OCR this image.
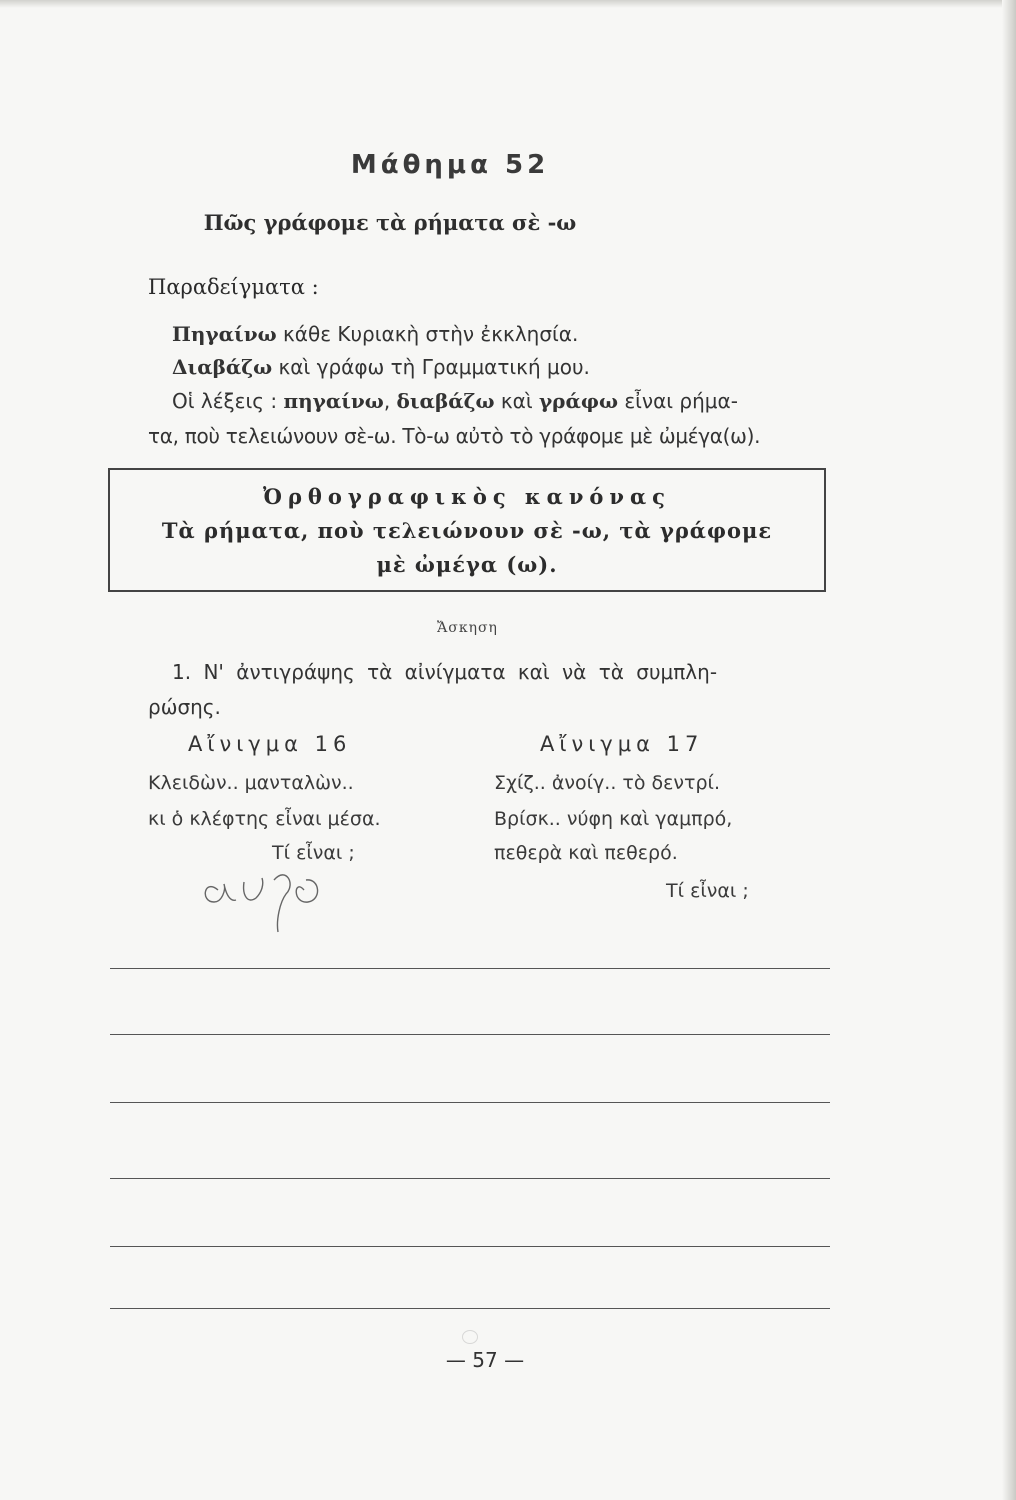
Μάθημα 52
Πῶς γράφομε τὰ ρήματα σὲ -ω
Παραδείγματα :
Πηγαίνω κάθε Κυριακὴ στὴν ἐκκλησία.
Διαβάζω καὶ γράφω τὴ Γραμματική μου.
Οἱ λέξεις : πηγαίνω, διαβάζω καὶ γράφω εἶναι ρήμα-
τα, ποὺ τελειώνουν σὲ-ω. Τὸ-ω αὐτὸ τὸ γράφομε μὲ ὠμέγα(ω).
Ὀρθογραφικὸς κανόνας
Τὰ ρήματα, ποὺ τελειώνουν σὲ -ω, τὰ γράφομε
μὲ ὠμέγα (ω).
Ἄσκηση
1. Ν' ἀντιγράψης τὰ αἰνίγματα καὶ νὰ τὰ συμπλη-
ρώσης.
Αἴνιγμα 16
Κλειδὼν.. μανταλὼν..
κι ὁ κλέφτης εἶναι μέσα.
Τί εἶναι ;
Αἴνιγμα 17
Σχίζ.. ἀνοίγ.. τὸ δεντρί.
Βρίσκ.. νύφη καὶ γαμπρό,
πεθερὰ καὶ πεθερό.
Τί εἶναι ;
— 57 —
